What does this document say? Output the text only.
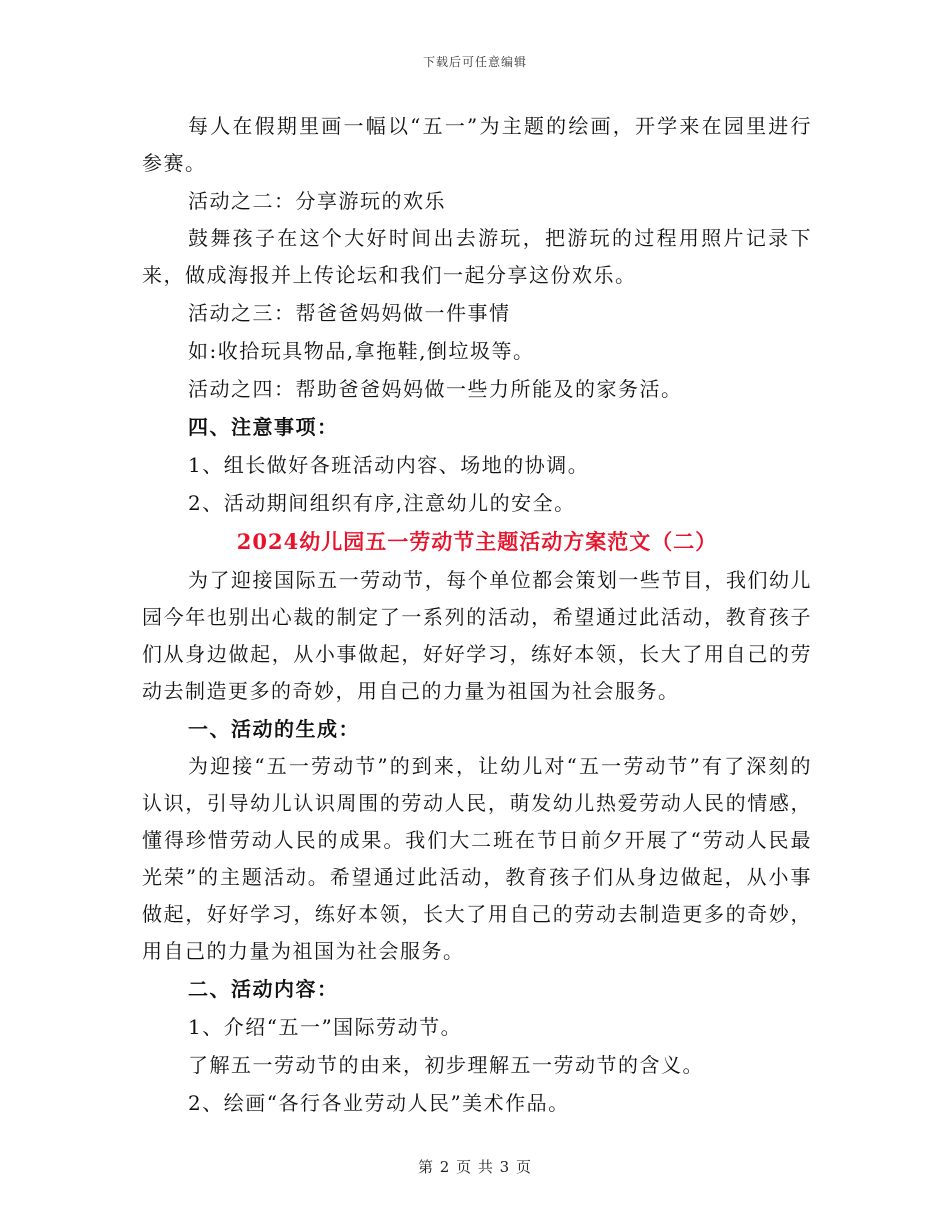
下载后可任意编辑

每人在假期里画一幅以“五一”为主题的绘画，开学来在园里进行参赛。

活动之二：分享游玩的欢乐

鼓舞孩子在这个大好时间出去游玩，把游玩的过程用照片记录下来，做成海报并上传论坛和我们一起分享这份欢乐。

活动之三：帮爸爸妈妈做一件事情

如:收拾玩具物品,拿拖鞋,倒垃圾等。

活动之四：帮助爸爸妈妈做一些力所能及的家务活。

四、注意事项：

1、组长做好各班活动内容、场地的协调。

2、活动期间组织有序,注意幼儿的安全。

2024幼儿园五一劳动节主题活动方案范文（二）

为了迎接国际五一劳动节，每个单位都会策划一些节目，我们幼儿园今年也别出心裁的制定了一系列的活动，希望通过此活动，教育孩子们从身边做起，从小事做起，好好学习，练好本领，长大了用自己的劳动去制造更多的奇妙，用自己的力量为祖国为社会服务。

一、活动的生成：

为迎接“五一劳动节”的到来，让幼儿对“五一劳动节”有了深刻的认识，引导幼儿认识周围的劳动人民，萌发幼儿热爱劳动人民的情感，懂得珍惜劳动人民的成果。我们大二班在节日前夕开展了“劳动人民最光荣”的主题活动。希望通过此活动，教育孩子们从身边做起，从小事做起，好好学习，练好本领，长大了用自己的劳动去制造更多的奇妙，用自己的力量为祖国为社会服务。

二、活动内容：

1、介绍“五一”国际劳动节。

了解五一劳动节的由来，初步理解五一劳动节的含义。

2、绘画“各行各业劳动人民”美术作品。

第 2 页 共 3 页
